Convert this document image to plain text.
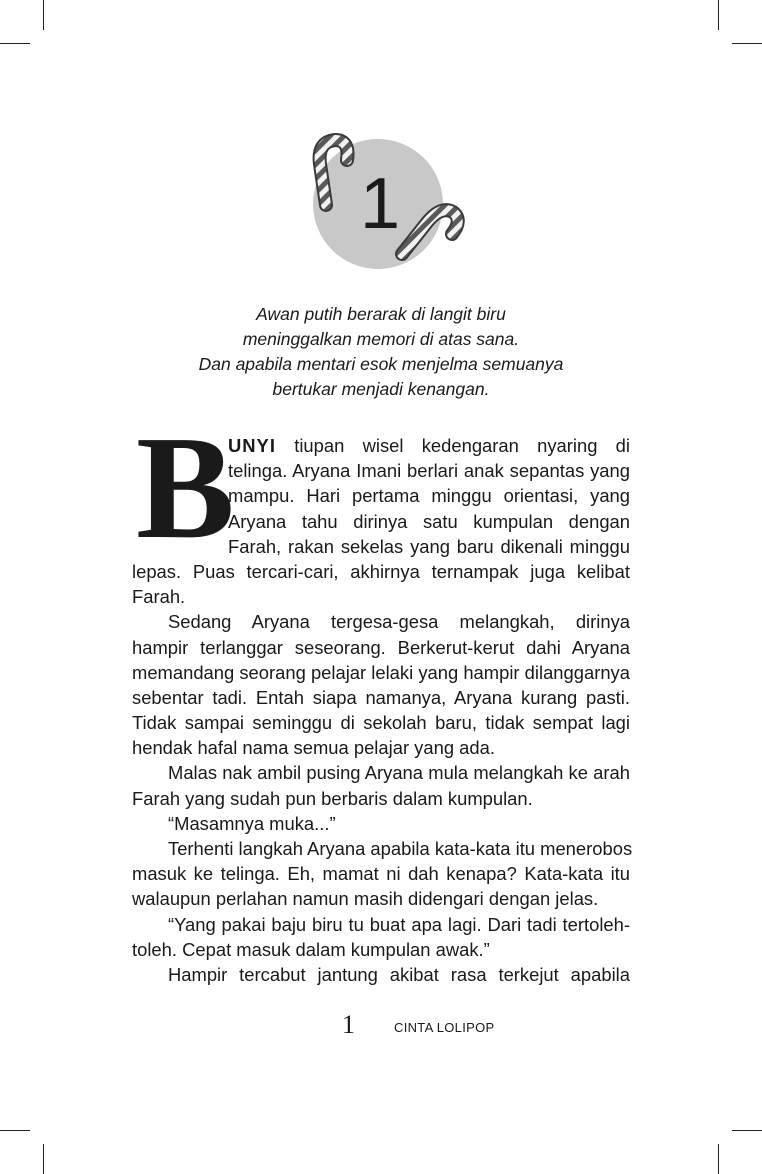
1
Awan putih berarak di langit biru
meninggalkan memori di atas sana.
Dan apabila mentari esok menjelma semuanya
bertukar menjadi kenangan.
B
UNYI tiupan wisel kedengaran nyaring di
telinga. Aryana Imani berlari anak sepantas yang
mampu. Hari pertama minggu orientasi, yang
Aryana tahu dirinya satu kumpulan dengan
Farah, rakan sekelas yang baru dikenali minggu
lepas. Puas tercari-cari, akhirnya ternampak juga kelibat
Farah.
Sedang Aryana tergesa-gesa melangkah, dirinya
hampir terlanggar seseorang. Berkerut-kerut dahi Aryana
memandang seorang pelajar lelaki yang hampir dilanggarnya
sebentar tadi. Entah siapa namanya, Aryana kurang pasti.
Tidak sampai seminggu di sekolah baru, tidak sempat lagi
hendak hafal nama semua pelajar yang ada.
Malas nak ambil pusing Aryana mula melangkah ke arah
Farah yang sudah pun berbaris dalam kumpulan.
“Masamnya muka...”
Terhenti langkah Aryana apabila kata-kata itu menerobos
masuk ke telinga. Eh, mamat ni dah kenapa? Kata-kata itu
walaupun perlahan namun masih didengari dengan jelas.
“Yang pakai baju biru tu buat apa lagi. Dari tadi tertoleh-
toleh. Cepat masuk dalam kumpulan awak.”
Hampir tercabut jantung akibat rasa terkejut apabila
1	CINTA LOLIPOP
